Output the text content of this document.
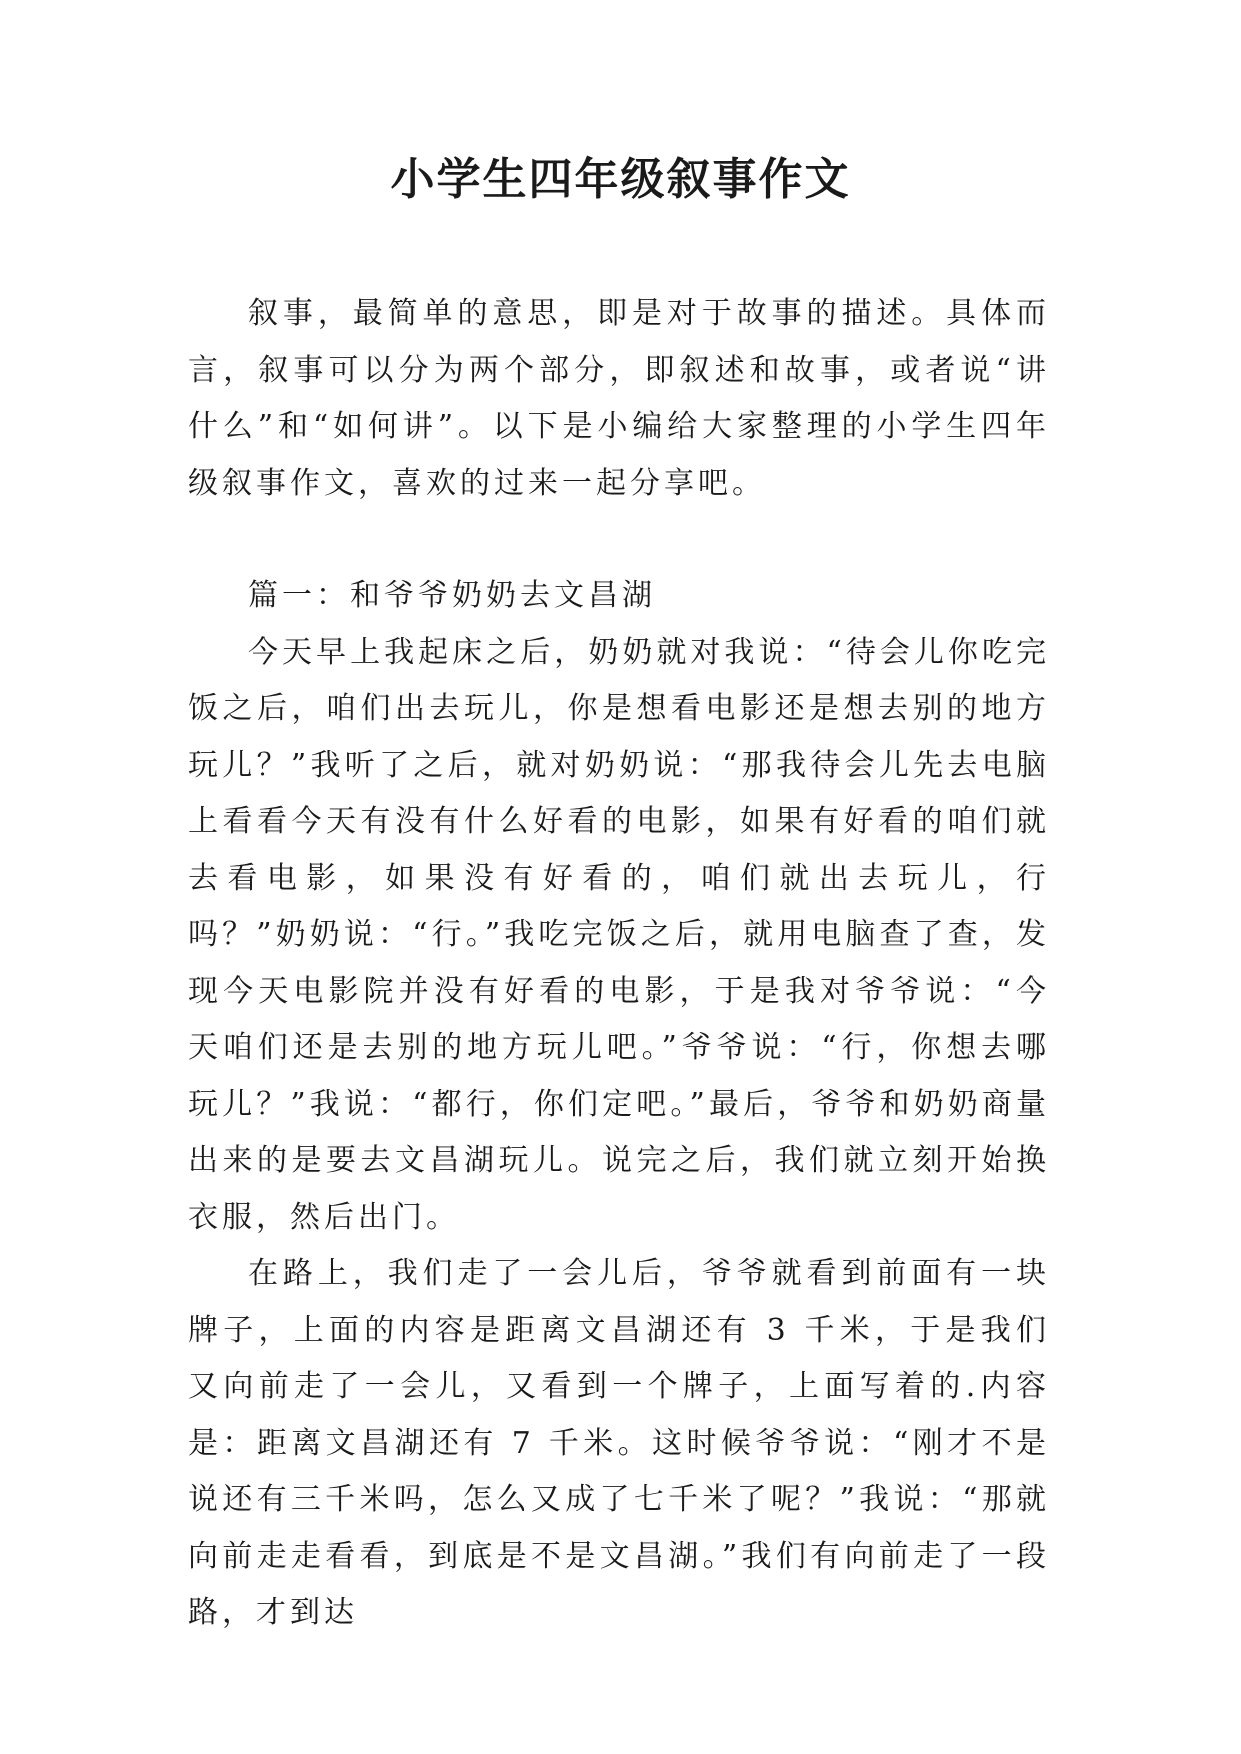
小学生四年级叙事作文

叙事，最简单的意思，即是对于故事的描述。具体而言，叙事可以分为两个部分，即叙述和故事，或者说“讲什么”和“如何讲”。以下是小编给大家整理的小学生四年级叙事作文，喜欢的过来一起分享吧。

篇一：和爷爷奶奶去文昌湖

今天早上我起床之后，奶奶就对我说：“待会儿你吃完饭之后，咱们出去玩儿，你是想看电影还是想去别的地方玩儿？”我听了之后，就对奶奶说：“那我待会儿先去电脑上看看今天有没有什么好看的电影，如果有好看的咱们就去看电影，如果没有好看的，咱们就出去玩儿，行吗？”奶奶说：“行。”我吃完饭之后，就用电脑查了查，发现今天电影院并没有好看的电影，于是我对爷爷说：“今天咱们还是去别的地方玩儿吧。”爷爷说：“行，你想去哪玩儿？”我说：“都行，你们定吧。”最后，爷爷和奶奶商量出来的是要去文昌湖玩儿。说完之后，我们就立刻开始换衣服，然后出门。

在路上，我们走了一会儿后，爷爷就看到前面有一块牌子，上面的内容是距离文昌湖还有 3 千米，于是我们又向前走了一会儿，又看到一个牌子，上面写着的.内容是：距离文昌湖还有 7 千米。这时候爷爷说：“刚才不是说还有三千米吗，怎么又成了七千米了呢？”我说：“那就向前走走看看，到底是不是文昌湖。”我们有向前走了一段路，才到达
